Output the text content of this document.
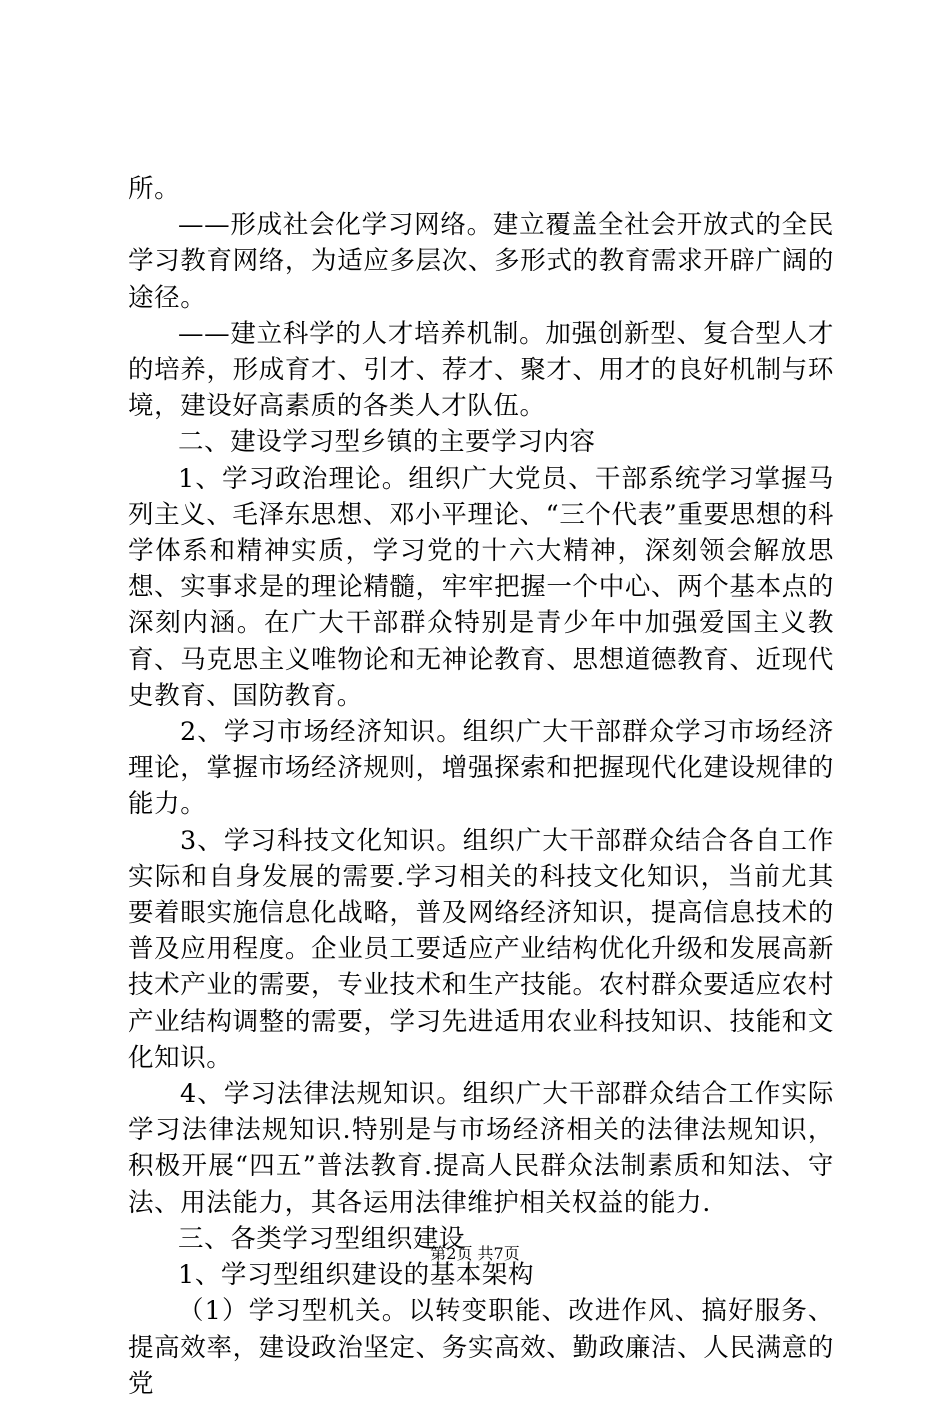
所。

——形成社会化学习网络。建立覆盖全社会开放式的全民学习教育网络，为适应多层次、多形式的教育需求开辟广阔的途径。

——建立科学的人才培养机制。加强创新型、复合型人才的培养，形成育才、引才、荐才、聚才、用才的良好机制与环境，建设好高素质的各类人才队伍。

二、建设学习型乡镇的主要学习内容

1、学习政治理论。组织广大党员、干部系统学习掌握马列主义、毛泽东思想、邓小平理论、“三个代表”重要思想的科学体系和精神实质，学习党的十六大精神，深刻领会解放思想、实事求是的理论精髓，牢牢把握一个中心、两个基本点的深刻内涵。在广大干部群众特别是青少年中加强爱国主义教育、马克思主义唯物论和无神论教育、思想道德教育、近现代史教育、国防教育。

2、学习市场经济知识。组织广大干部群众学习市场经济理论，掌握市场经济规则，增强探索和把握现代化建设规律的能力。

3、学习科技文化知识。组织广大干部群众结合各自工作实际和自身发展的需要.学习相关的科技文化知识，当前尤其要着眼实施信息化战略，普及网络经济知识，提高信息技术的普及应用程度。企业员工要适应产业结构优化升级和发展高新技术产业的需要，专业技术和生产技能。农村群众要适应农村产业结构调整的需要，学习先进适用农业科技知识、技能和文化知识。

4、学习法律法规知识。组织广大干部群众结合工作实际学习法律法规知识.特别是与市场经济相关的法律法规知识，积极开展“四五”普法教育.提高人民群众法制素质和知法、守法、用法能力，其各运用法律维护相关权益的能力.

三、各类学习型组织建设

1、学习型组织建设的基本架构

（1）学习型机关。以转变职能、改进作风、搞好服务、提高效率，建设政治坚定、务实高效、勤政廉洁、人民满意的党

第2页 共7页
